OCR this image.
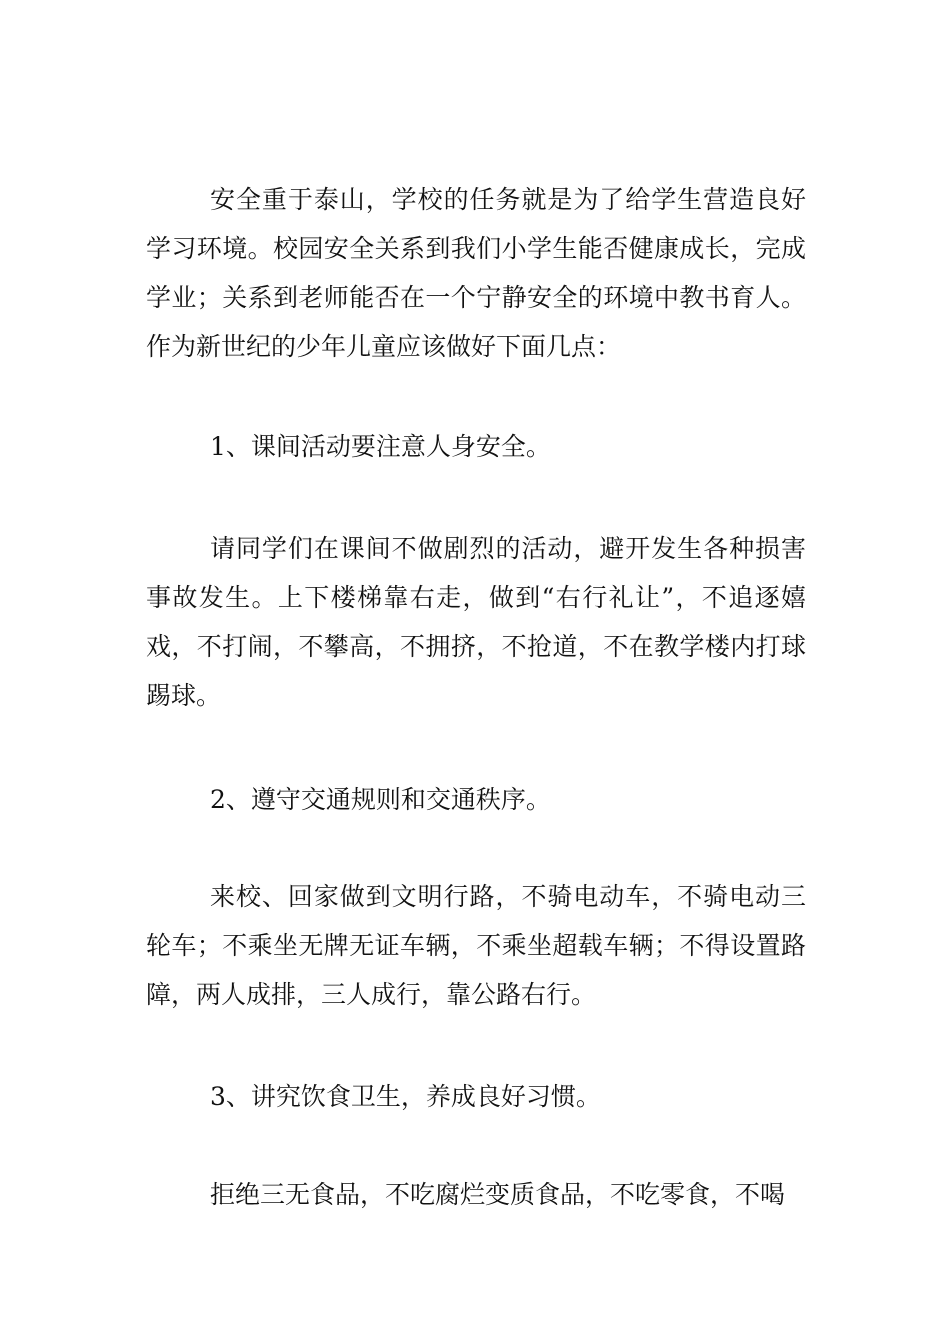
安全重于泰山，学校的任务就是为了给学生营造良好学习环境。校园安全关系到我们小学生能否健康成长，完成学业；关系到老师能否在一个宁静安全的环境中教书育人。作为新世纪的少年儿童应该做好下面几点：

1、课间活动要注意人身安全。

请同学们在课间不做剧烈的活动，避开发生各种损害事故发生。上下楼梯靠右走，做到“右行礼让”，不追逐嬉戏，不打闹，不攀高，不拥挤，不抢道，不在教学楼内打球踢球。

2、遵守交通规则和交通秩序。

来校、回家做到文明行路，不骑电动车，不骑电动三轮车；不乘坐无牌无证车辆，不乘坐超载车辆；不得设置路障，两人成排，三人成行，靠公路右行。

3、讲究饮食卫生，养成良好习惯。

拒绝三无食品，不吃腐烂变质食品，不吃零食，不喝
